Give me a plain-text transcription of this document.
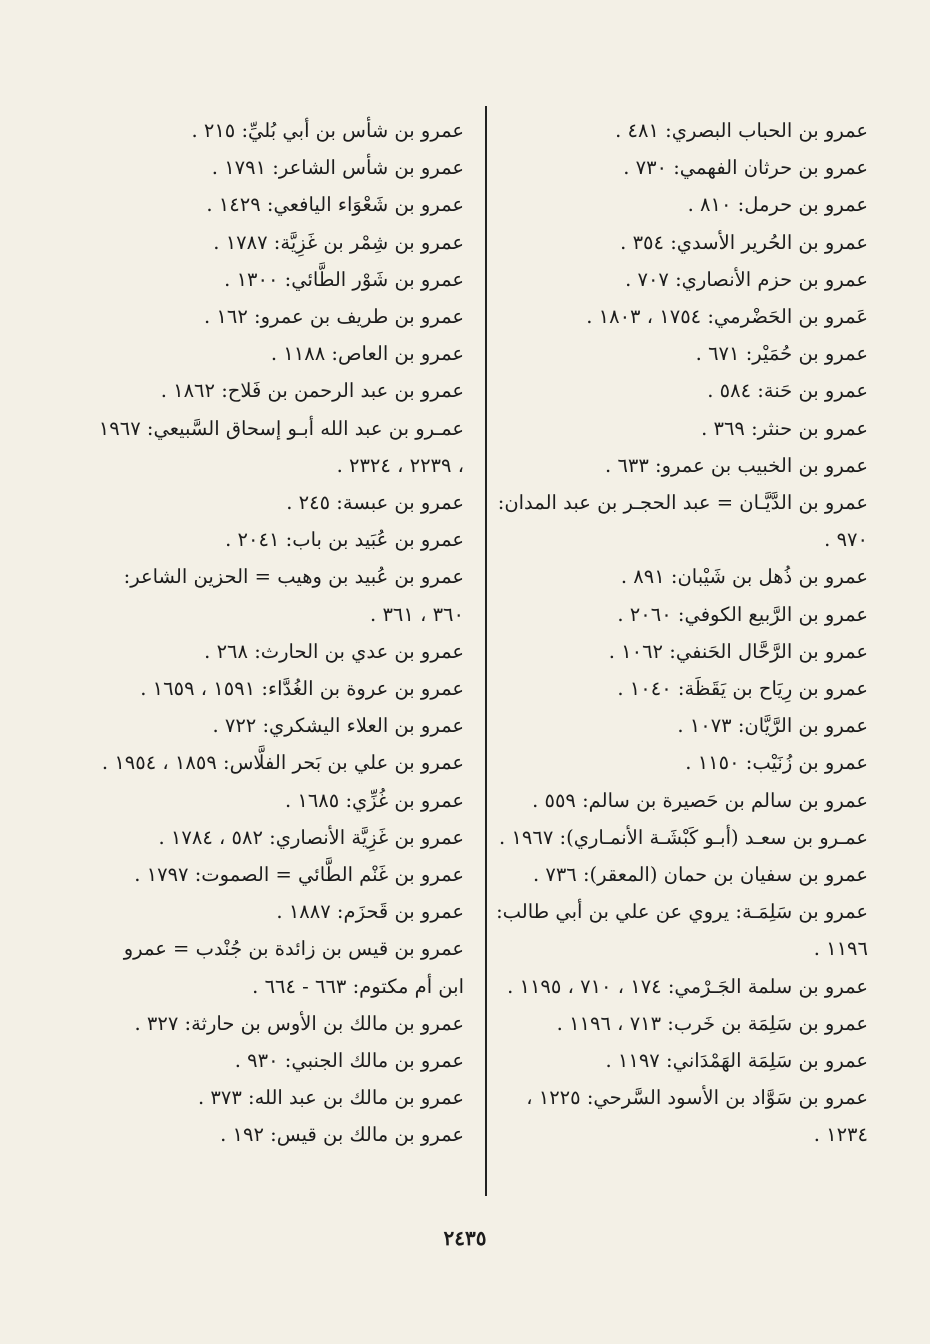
عمرو بن الحباب البصري: ٤٨١ .

عمرو بن حرثان الفهمي: ٧٣٠ .

عمرو بن حرمل: ٨١٠ .

عمرو بن الحُرير الأسدي: ٣٥٤ .

عمرو بن حزم الأنصاري: ٧٠٧ .

عَمرو بن الحَضْرمي: ١٧٥٤ ، ١٨٠٣ .

عمرو بن حُمَيْر: ٦٧١ .

عمرو بن حَنة: ٥٨٤ .

عمرو بن حنثر: ٣٦٩ .

عمرو بن الخبيب بن عمرو: ٦٣٣ .

عمرو بن الدَّيَّـان = عبد الحجـر بن عبد المدان: ٩٧٠ .

عمرو بن ذُهل بن شَيْبان: ٨٩١ .

عمرو بن الرَّبيع الكوفي: ٢٠٦٠ .

عمرو بن الرَّحَّال الحَنفي: ١٠٦٢ .

عمرو بن رِيَاح بن يَقَظَة: ١٠٤٠ .

عمرو بن الرَّيَّان: ١٠٧٣ .

عمرو بن زُنَيْب: ١١٥٠ .

عمرو بن سالم بن حَصيرة بن سالم: ٥٥٩ .

عمـرو بن سعـد (أبـو كَبْشَـة الأنمـاري): ١٩٦٧ .

عمرو بن سفيان بن حمان (المعقر): ٧٣٦ .

عمرو بن سَلِمَـة: يروي عن علي بن أبي طالب: ١١٩٦ .

عمرو بن سلمة الجَـرْمي: ١٧٤ ، ٧١٠ ، ١١٩٥ .

عمرو بن سَلِمَة بن خَرب: ٧١٣ ، ١١٩٦ .

عمرو بن سَلِمَة الهَمْدَاني: ١١٩٧ .

عمرو بن سَوَّاد بن الأسود السَّرحي: ١٢٢٥ ، ١٢٣٤ .

عمرو بن شأس بن أبي بُليِّ: ٢١٥ .

عمرو بن شأس الشاعر: ١٧٩١ .

عمرو بن شَعْوَاء اليافعي: ١٤٢٩ .

عمرو بن شِمْر بن غَزِيَّة: ١٧٨٧ .

عمرو بن شَوْر الطَّائي: ١٣٠٠ .

عمرو بن طريف بن عمرو: ١٦٢ .

عمرو بن العاص: ١١٨٨ .

عمرو بن عبد الرحمن بن فَلاح: ١٨٦٢ .

عمـرو بن عبد الله أبـو إسحاق السَّبيعي: ١٩٦٧ ، ٢٢٣٩ ، ٢٣٢٤ .

عمرو بن عبسة: ٢٤٥ .

عمرو بن عُبَيد بن باب: ٢٠٤١ .

عمرو بن عُبيد بن وهيب = الحزين الشاعر: ٣٦٠ ، ٣٦١ .

عمرو بن عدي بن الحارث: ٢٦٨ .

عمرو بن عروة بن الغُدَّاء: ١٥٩١ ، ١٦٥٩ .

عمرو بن العلاء اليشكري: ٧٢٢ .

عمرو بن علي بن بَحر الفلَّاس: ١٨٥٩ ، ١٩٥٤ .

عمرو بن غُزِّي: ١٦٨٥ .

عمرو بن غَزِيَّة الأنصاري: ٥٨٢ ، ١٧٨٤ .

عمرو بن غَنْم الطَّائي = الصموت: ١٧٩٧ .

عمرو بن قَحزَم: ١٨٨٧ .

عمرو بن قيس بن زائدة بن جُنْدب = عمرو ابن أم مكتوم: ٦٦٣ - ٦٦٤ .

عمرو بن مالك بن الأوس بن حارثة: ٣٢٧ .

عمرو بن مالك الجنبي: ٩٣٠ .

عمرو بن مالك بن عبد الله: ٣٧٣ .

عمرو بن مالك بن قيس: ١٩٢ .

٢٤٣٥
